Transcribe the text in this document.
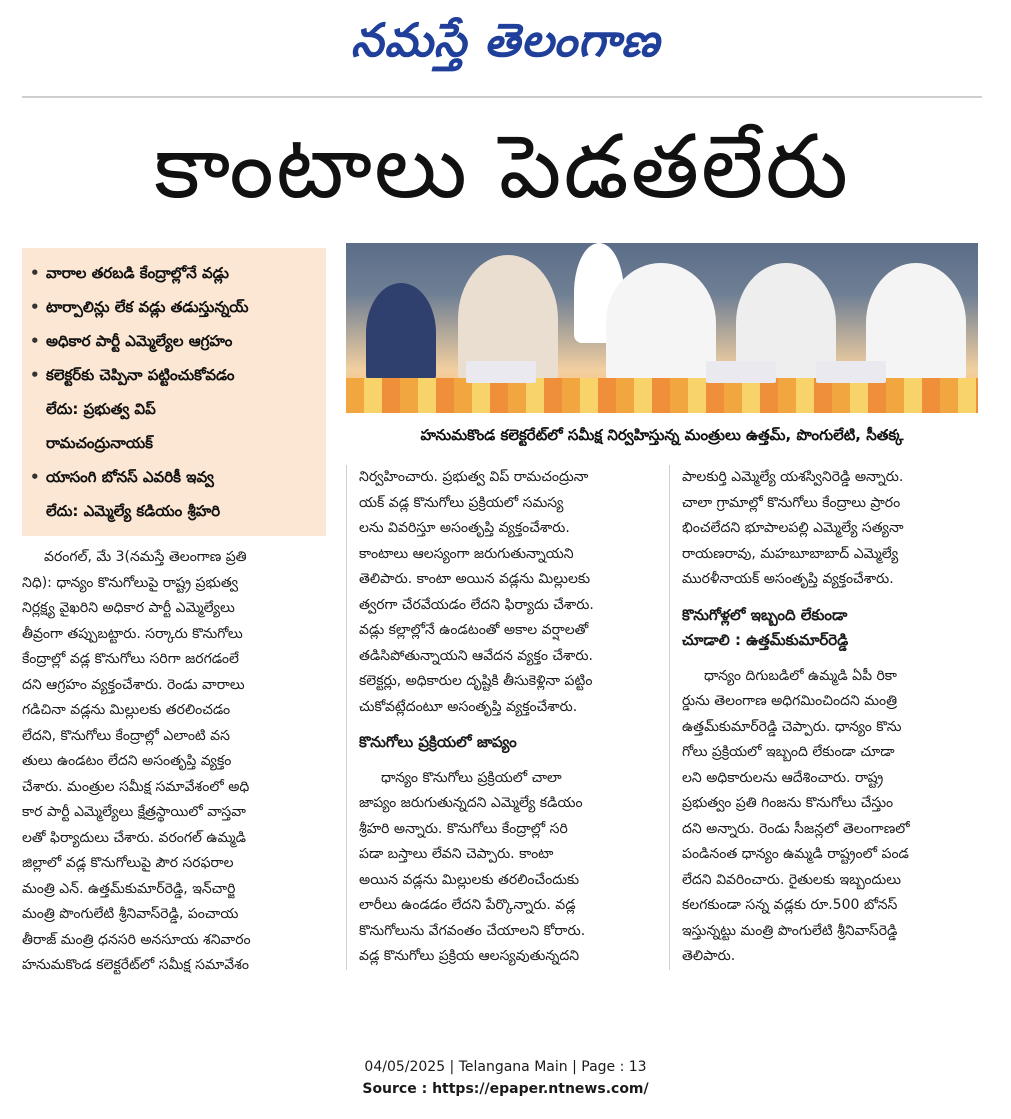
నమస్తే తెలంగాణ
కాంటాలు పెడతలేరు
• వారాల తరబడి కేంద్రాల్లోనే వడ్లు
• టార్పాలిన్లు లేక వడ్లు తడుస్తున్నయ్
• అధికార పార్టీ ఎమ్మెల్యేల ఆగ్రహం
• కలెక్టర్‌కు చెప్పినా పట్టించుకోవడం
లేదు: ప్రభుత్వ విప్
రామచంద్రునాయక్
• యాసంగి బోనస్ ఎవరికీ ఇవ్వ
లేదు: ఎమ్మెల్యే కడియం శ్రీహరి
హనుమకొండ కలెక్టరేట్‌లో సమీక్ష నిర్వహిస్తున్న మంత్రులు ఉత్తమ్, పొంగులేటి, సీతక్క

వరంగల్, మే 3(నమస్తే తెలంగాణ ప్రతి
నిధి): ధాన్యం కొనుగోలుపై రాష్ట్ర ప్రభుత్వ
నిర్లక్ష్య వైఖరిని అధికార పార్టీ ఎమ్మెల్యేలు
తీవ్రంగా తప్పుబట్టారు. సర్కారు కొనుగోలు
కేంద్రాల్లో వడ్ల కొనుగోలు సరిగా జరగడంలే
దని ఆగ్రహం వ్యక్తంచేశారు. రెండు వారాలు
గడిచినా వడ్లను మిల్లులకు తరలించడం
లేదని, కొనుగోలు కేంద్రాల్లో ఎలాంటి వస
తులు ఉండటం లేదని అసంతృప్తి వ్యక్తం
చేశారు. మంత్రుల సమీక్ష సమావేశంలో అధి
కార పార్టీ ఎమ్మెల్యేలు క్షేత్రస్థాయిలో వాస్తవా
లతో ఫిర్యాదులు చేశారు. వరంగల్ ఉమ్మడి
జిల్లాలో వడ్ల కొనుగోలుపై పౌర సరఫరాల
మంత్రి ఎన్. ఉత్తమ్‌కుమార్‌రెడ్డి, ఇన్‌చార్జి
మంత్రి పొంగులేటి శ్రీనివాస్‌రెడ్డి, పంచాయ
తీరాజ్ మంత్రి ధనసరి అనసూయ శనివారం
హనుమకొండ కలెక్టరేట్‌లో సమీక్ష సమావేశం

నిర్వహించారు. ప్రభుత్వ విప్ రామచంద్రునా
యక్ వడ్ల కొనుగోలు ప్రక్రియలో సమస్య
లను వివరిస్తూ అసంతృప్తి వ్యక్తంచేశారు.
కాంటాలు ఆలస్యంగా జరుగుతున్నాయని
తెలిపారు. కాంటా అయిన వడ్లను మిల్లులకు
త్వరగా చేరవేయడం లేదని ఫిర్యాదు చేశారు.
వడ్లు కల్లాల్లోనే ఉండటంతో అకాల వర్షాలతో
తడిసిపోతున్నాయని ఆవేదన వ్యక్తం చేశారు.
కలెక్టర్లు, అధికారుల దృష్టికి తీసుకెళ్లినా పట్టిం
చుకోవట్లేదంటూ అసంతృప్తి వ్యక్తంచేశారు.

కొనుగోలు ప్రక్రియలో జాప్యం

ధాన్యం కొనుగోలు ప్రక్రియలో చాలా
జాప్యం జరుగుతున్నదని ఎమ్మెల్యే కడియం
శ్రీహరి అన్నారు. కొనుగోలు కేంద్రాల్లో సరి
పడా బస్తాలు లేవని చెప్పారు. కాంటా
అయిన వడ్లను మిల్లులకు తరలించేందుకు
లారీలు ఉండడం లేదని పేర్కొన్నారు. వడ్ల
కొనుగోలును వేగవంతం చేయాలని కోరారు.
వడ్ల కొనుగోలు ప్రక్రియ ఆలస్యవుతున్నదని

పాలకుర్తి ఎమ్మెల్యే యశస్వినిరెడ్డి అన్నారు.
చాలా గ్రామాల్లో కొనుగోలు కేంద్రాలు ప్రారం
భించలేదని భూపాలపల్లి ఎమ్మెల్యే సత్యనా
రాయణరావు, మహబూబాబాద్ ఎమ్మెల్యే
మురళీనాయక్ అసంతృప్తి వ్యక్తంచేశారు.

కొనుగోళ్లలో ఇబ్బంది లేకుండా
చూడాలి : ఉత్తమ్‌కుమార్‌రెడ్డి

ధాన్యం దిగుబడిలో ఉమ్మడి ఏపీ రికా
ర్డును తెలంగాణ అధిగమించిందని మంత్రి
ఉత్తమ్‌కుమార్‌రెడ్డి చెప్పారు. ధాన్యం కొను
గోలు ప్రక్రియలో ఇబ్బంది లేకుండా చూడా
లని అధికారులను ఆదేశించారు. రాష్ట్ర
ప్రభుత్వం ప్రతి గింజను కొనుగోలు చేస్తుం
దని అన్నారు. రెండు సీజన్లలో తెలంగాణలో
పండినంత ధాన్యం ఉమ్మడి రాష్ట్రంలో పండ
లేదని వివరించారు. రైతులకు ఇబ్బందులు
కలగకుండా సన్న వడ్లకు రూ.500 బోనస్
ఇస్తున్నట్టు మంత్రి పొంగులేటి శ్రీనివాస్‌రెడ్డి
తెలిపారు.

04/05/2025 | Telangana Main | Page : 13
Source : https://epaper.ntnews.com/
